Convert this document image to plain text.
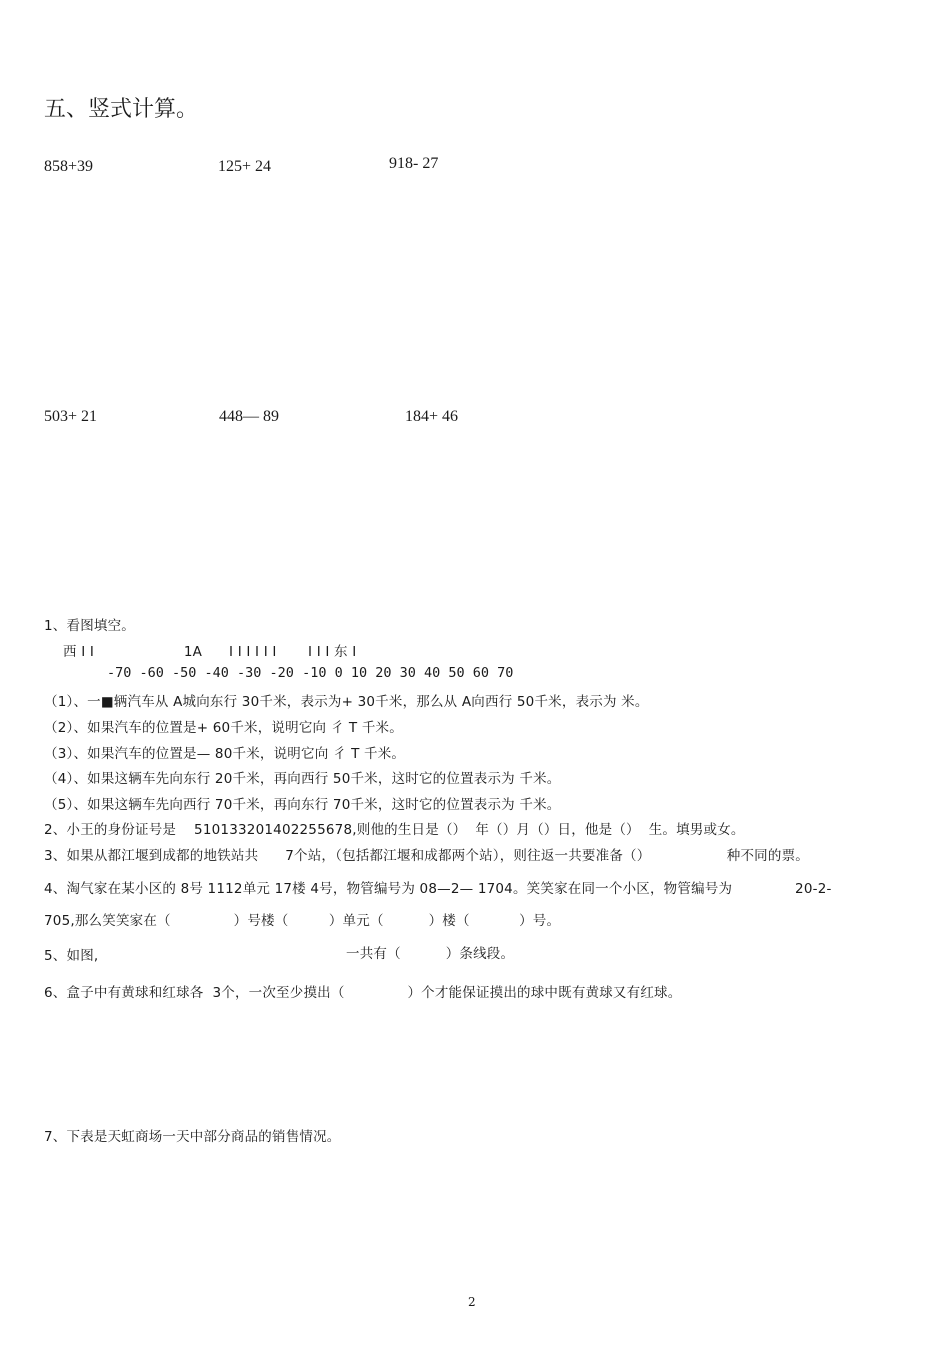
五、竖式计算。
858+39	125+ 24	918- 27
503+ 21	448— 89	184+ 46
1、看图填空。
西 I I                    1A      I I I I I I       I I I 东 I
-70 -60 -50 -40 -30 -20 -10 0 10 20 30 40 50 60 70
（1）、一■辆汽车从 A城向东行 30千米，表示为+ 30千米，那么从 A向西行 50千米，表示为 米。
（2）、如果汽车的位置是+ 60千米，说明它向 彳 T 千米。
（3）、如果汽车的位置是— 80千米，说明它向 彳 T 千米。
（4）、如果这辆车先向东行 20千米，再向西行 50千米，这时它的位置表示为 千米。
（5）、如果这辆车先向西行 70千米，再向东行 70千米，这时它的位置表示为 千米。
2、小王的身份证号是    510133201402255678,则他的生日是（）  年（）月（）日，他是（）  生。填男或女。
3、如果从都江堰到成都的地铁站共      7个站，（包括都江堰和成都两个站），则往返一共要准备（）                 种不同的票。
4、淘气家在某小区的 8号 1112单元 17楼 4号，物管编号为 08—2— 1704。笑笑家在同一个小区，物管编号为              20-2-
705,那么笑笑家在（              ）号楼（         ）单元（          ）楼（           ）号。
5、如图,	一共有（          ）条线段。
6、盒子中有黄球和红球各  3个，一次至少摸出（              ）个才能保证摸出的球中既有黄球又有红球。
7、下表是天虹商场一天中部分商品的销售情况。
2
